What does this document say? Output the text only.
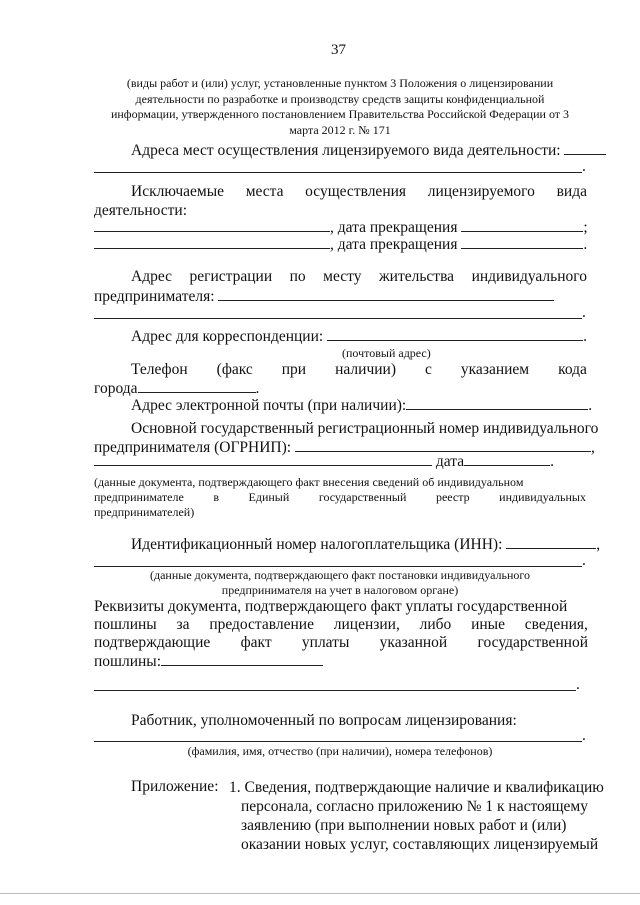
37
(виды работ и (или) услуг, установленные пунктом 3 Положения о лицензировании
деятельности по разработке и производству средств защиты конфиденциальной
информации, утвержденного постановлением Правительства Российской Федерации от 3
марта 2012 г. № 171
Адреса мест осуществления лицензируемого вида деятельности:
.
Исключаемые места осуществления лицензируемого вида
деятельности:
, дата прекращения	;
, дата прекращения	.
Адрес регистрации по месту жительства индивидуального
предпринимателя:
.
Адрес для корреспонденции:	.
(почтовый адрес)
Телефон (факс при наличии) с указанием кода
города	.
Адрес электронной почты (при наличии):	.
Основной государственный регистрационный номер индивидуального
предпринимателя (ОГРНИП):	,
дата	.
(данные документа, подтверждающего факт внесения сведений об индивидуальном
предпринимателе в Единый государственный реестр индивидуальных
предпринимателей)
Идентификационный номер налогоплательщика (ИНН):	,
.
(данные документа, подтверждающего факт постановки индивидуального
предпринимателя на учет в налоговом органе)
Реквизиты документа, подтверждающего факт уплаты государственной
пошлины за предоставление лицензии, либо иные сведения,
подтверждающие факт уплаты указанной государственной
пошлины:
.
Работник, уполномоченный по вопросам лицензирования:
.
(фамилия, имя, отчество (при наличии), номера телефонов)
Приложение: 1. Сведения, подтверждающие наличие и квалификацию
персонала, согласно приложению № 1 к настоящему
заявлению (при выполнении новых работ и (или)
оказании новых услуг, составляющих лицензируемый
